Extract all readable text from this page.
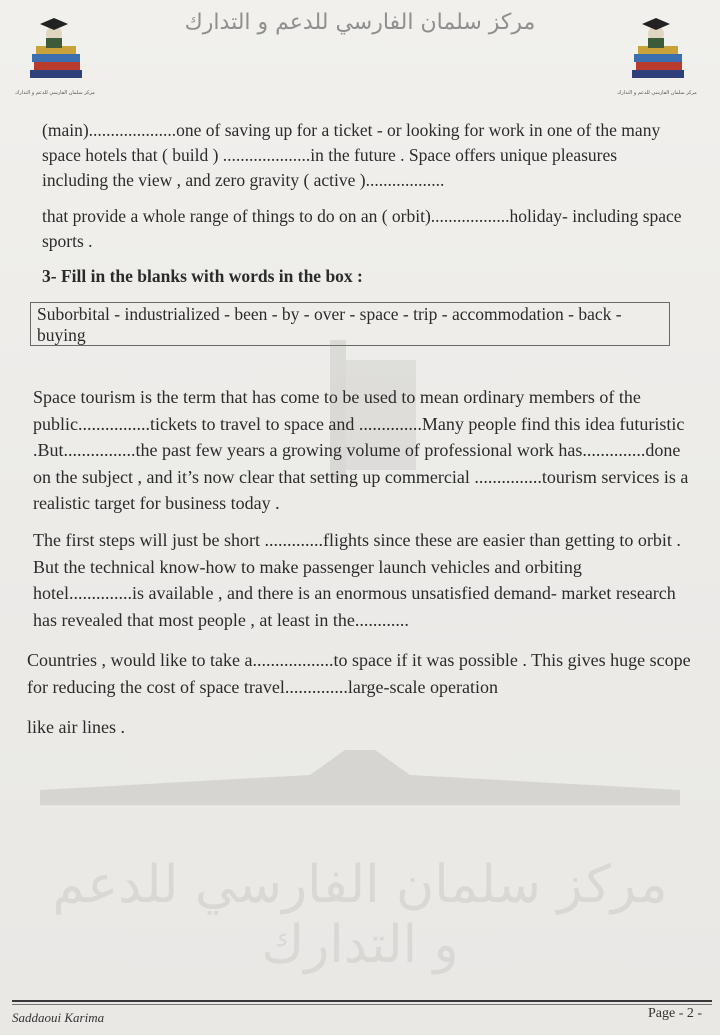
مركز سلمان الفارسي للدعم و التدارك
مركز سلمان الفارسي للدعم و التدارك	مركز سلمان الفارسي للدعم و التدارك

(main)....................one of saving up for a ticket - or looking for work in one of the many space hotels that ( build ) ....................in the future . Space offers unique pleasures including the view , and zero gravity ( active )..................

that provide a whole range of things to do on an ( orbit)..................holiday- including space sports .

3- Fill in the blanks with words in the box :
Suborbital - industrialized - been - by - over - space - trip - accommodation - back - buying

Space tourism is the term that has come to be used to mean ordinary members of the public................tickets to travel to space and ..............Many people find this idea futuristic .But................the past few years a growing volume of professional work has..............done on the subject , and it’s now clear that setting up commercial ...............tourism services is a realistic target for business today .

The first steps will just be short .............flights since these are easier than getting to orbit . But the technical know-how to make passenger launch vehicles and orbiting hotel..............is available , and there is an enormous unsatisfied demand- market research has revealed that most people , at least in the............

Countries , would like to take a..................to space if it was possible . This gives huge scope for reducing the cost of space travel..............large-scale operation

like air lines .

مركز سلمان الفارسي للدعم و التدارك
Saddaoui Karima	Page - 2 -
